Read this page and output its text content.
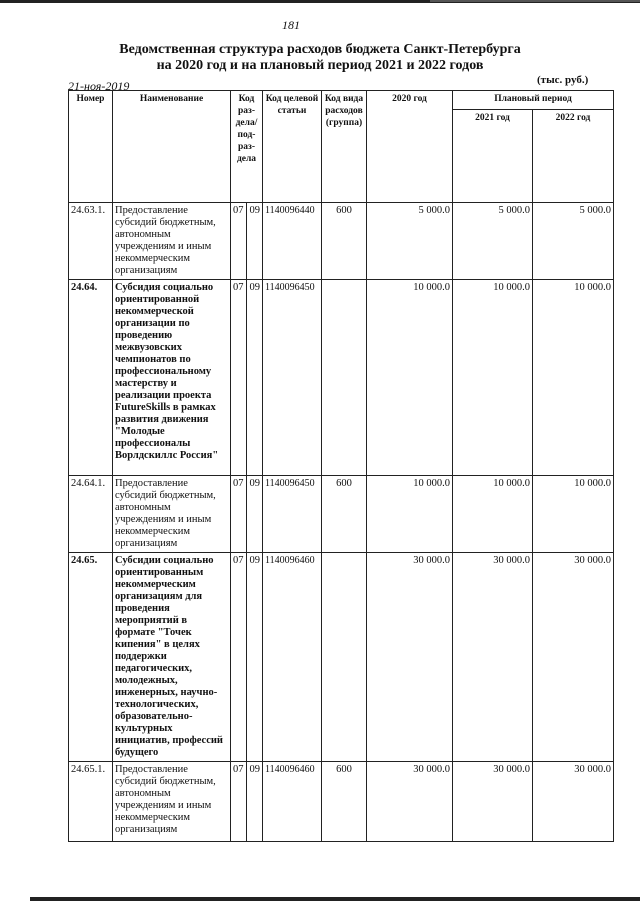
181
Ведомственная структура расходов бюджета Санкт-Петербурга
на 2020 год и на плановый период 2021 и 2022 годов
21-ноя-2019	(тыс. руб.)
Номер	Наименование	Код раз- дела/ под- раз- дела		Код целевой статьи	Код вида расходов (группа)	2020 год	Плановый период	
							2021 год	2022 год
24.63.1.	Предоставление субсидий бюджетным, автономным учреждениям и иным некоммерческим организациям	07	09	1140096440	600	5 000.0	5 000.0	5 000.0
24.64.	Субсидия социально ориентированной некоммерческой организации по проведению межвузовских чемпионатов по профессиональному мастерству и реализации проекта FutureSkills в рамках развития движения "Молодые профессионалы Ворлдскиллс Россия"	07	09	1140096450		10 000.0	10 000.0	10 000.0
24.64.1.	Предоставление субсидий бюджетным, автономным учреждениям и иным некоммерческим организациям	07	09	1140096450	600	10 000.0	10 000.0	10 000.0
24.65.	Субсидии социально ориентированным некоммерческим организациям для проведения мероприятий в формате "Точек кипения" в целях поддержки педагогических, молодежных, инженерных, научно-технологических, образовательно-культурных инициатив, профессий будущего	07	09	1140096460		30 000.0	30 000.0	30 000.0
24.65.1.	Предоставление субсидий бюджетным, автономным учреждениям и иным некоммерческим организациям	07	09	1140096460	600	30 000.0	30 000.0	30 000.0
